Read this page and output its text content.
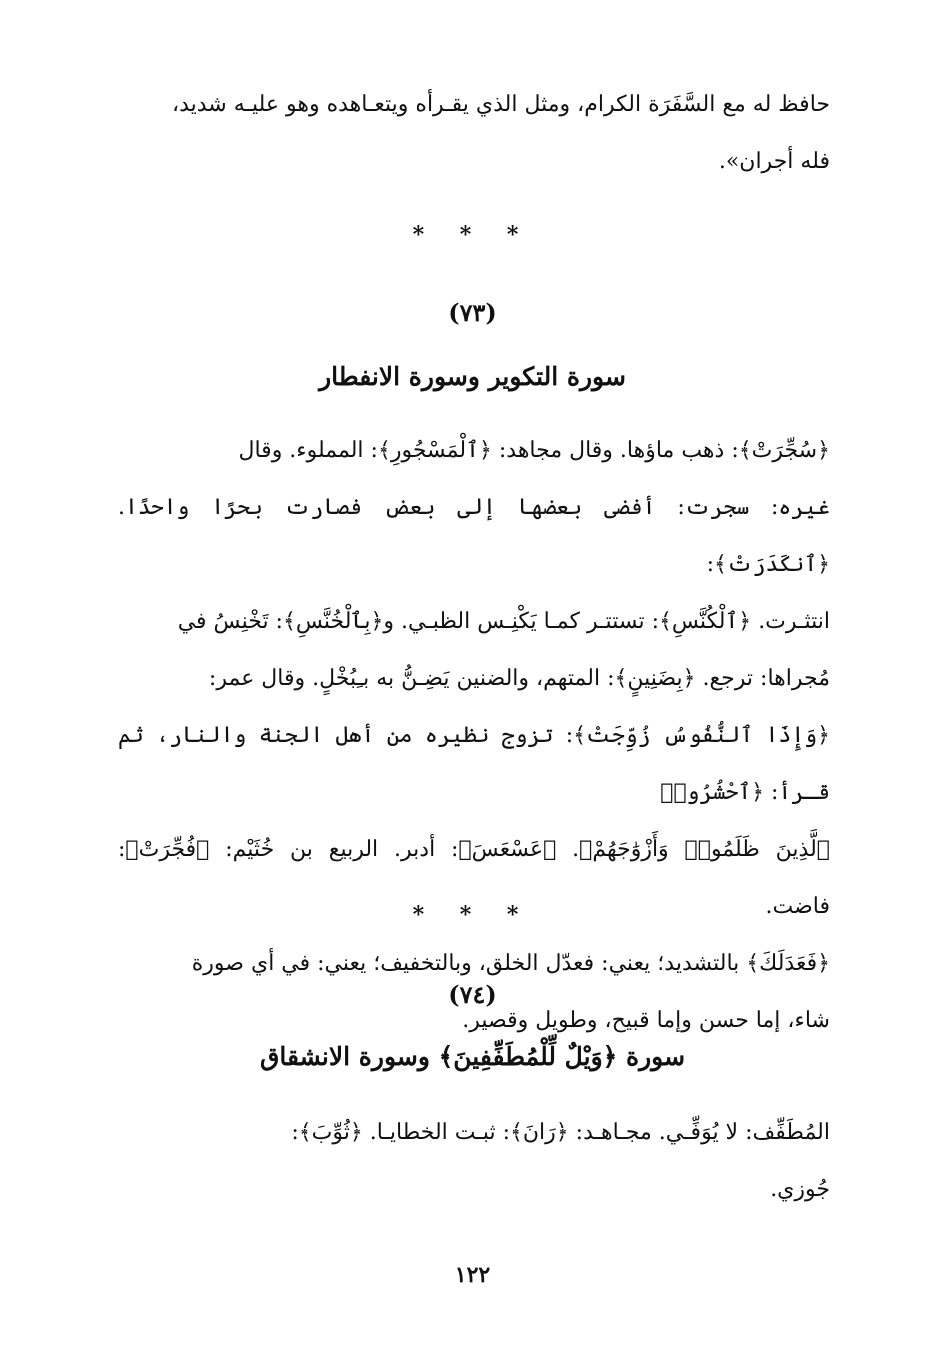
حافظ له مع السَّفَرَة الكرام، ومثل الذي يقـرأه ويتعـاهده وهو عليـه شديد،
فله أجران».
* * *
(٧٣)
سورة التكوير وسورة الانفطار
﴿سُجِّرَتْ﴾: ذهب ماؤها. وقال مجاهد: ﴿ٱلْمَسْجُورِ﴾: المملوء. وقال
غيره: سجرت: أفضى بعضها إلى بعض فصارت بحرًا واحدًا. ﴿ٱنكَدَرَتْ﴾:
انتثـرت. ﴿ٱلْكُنَّسِ﴾: تستتـر كمـا يَكْنِـس الظبـي. و﴿بِٱلْخُنَّسِ﴾: تَخْنِسُ في
مُجراها: ترجع. ﴿بِضَنِينٍ﴾: المتهم، والضنين يَضِـنُّ به بـِبُخْلٍ. وقال عمر:
﴿وَإِذَا ٱلنُّفُوسُ زُوِّجَتْ﴾: تزوج نظيره من أهل الجنة والنار، ثم قـرأ: ﴿ٱحْشُرُوا۟
ٱلَّذِينَ ظَلَمُوا۟ وَأَزْوَٰجَهُمْ﴾. ﴿عَسْعَسَ﴾: أدبر. الربيع بن خُثَيْم: ﴿فُجِّرَتْ﴾: فاضت.
﴿فَعَدَلَكَ﴾ بالتشديد؛ يعني: فعدّل الخلق، وبالتخفيف؛ يعني: في أي صورة
شاء، إما حسن وإما قبيح، وطويل وقصير.
* * *
(٧٤)
سورة ﴿وَيْلٌ لِّلْمُطَفِّفِينَ﴾ وسورة الانشقاق
المُطَفِّف: لا يُوَفِّـي. مجـاهـد: ﴿رَانَ﴾: ثبـت الخطايـا. ﴿ثُوِّبَ﴾:
جُوزي.
١٢٢
